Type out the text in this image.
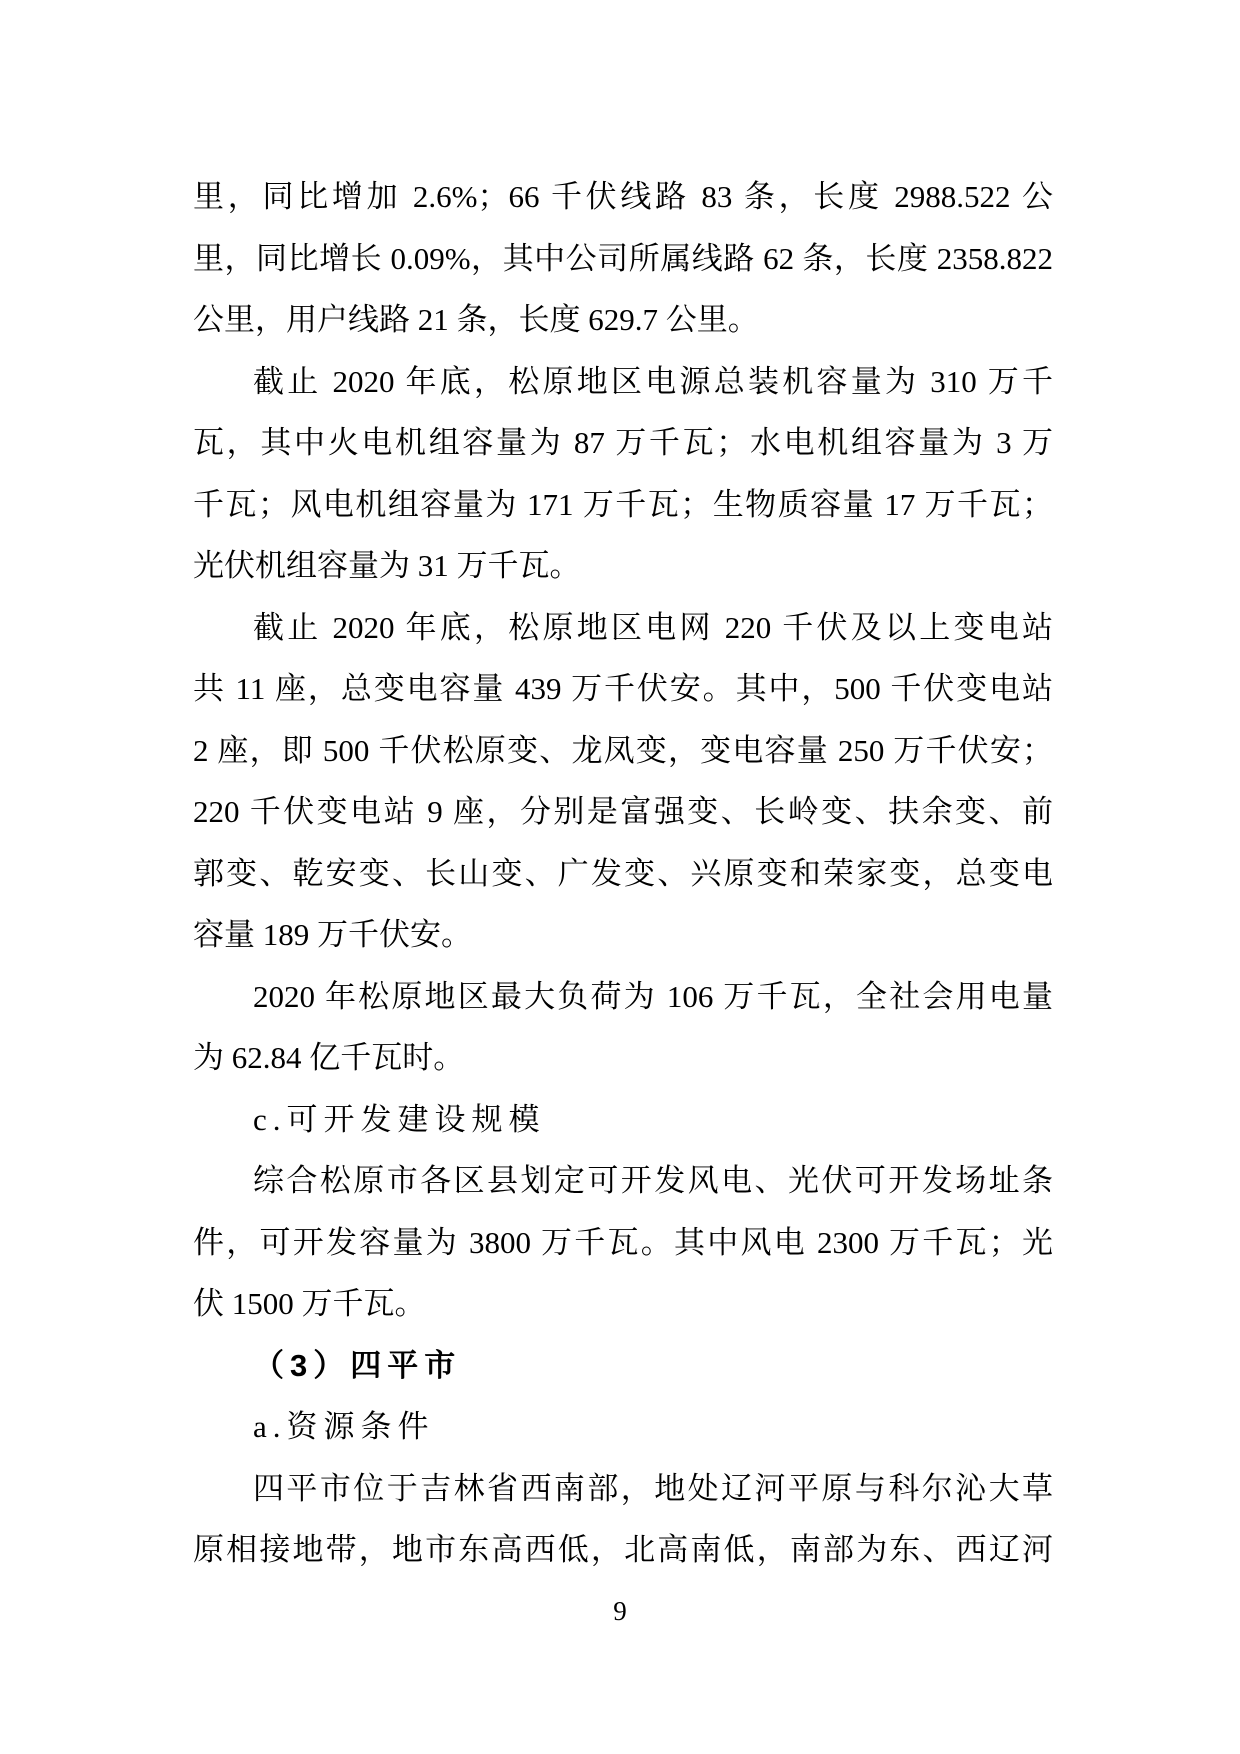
里，同比增加 2.6%；66 千伏线路 83 条，长度 2988.522 公
里，同比增长 0.09%，其中公司所属线路 62 条，长度 2358.822
公里，用户线路 21 条，长度 629.7 公里。
截止 2020 年底，松原地区电源总装机容量为 310 万千
瓦，其中火电机组容量为 87 万千瓦；水电机组容量为 3 万
千瓦；风电机组容量为 171 万千瓦；生物质容量 17 万千瓦；
光伏机组容量为 31 万千瓦。
截止 2020 年底，松原地区电网 220 千伏及以上变电站
共 11 座，总变电容量 439 万千伏安。其中，500 千伏变电站
2 座，即 500 千伏松原变、龙凤变，变电容量 250 万千伏安；
220 千伏变电站 9 座，分别是富强变、长岭变、扶余变、前
郭变、乾安变、长山变、广发变、兴原变和荣家变，总变电
容量 189 万千伏安。
2020 年松原地区最大负荷为 106 万千瓦，全社会用电量
为 62.84 亿千瓦时。
c.可开发建设规模
综合松原市各区县划定可开发风电、光伏可开发场址条
件，可开发容量为 3800 万千瓦。其中风电 2300 万千瓦；光
伏 1500 万千瓦。
（3）四平市
a.资源条件
四平市位于吉林省西南部，地处辽河平原与科尔沁大草
原相接地带，地市东高西低，北高南低，南部为东、西辽河
9
